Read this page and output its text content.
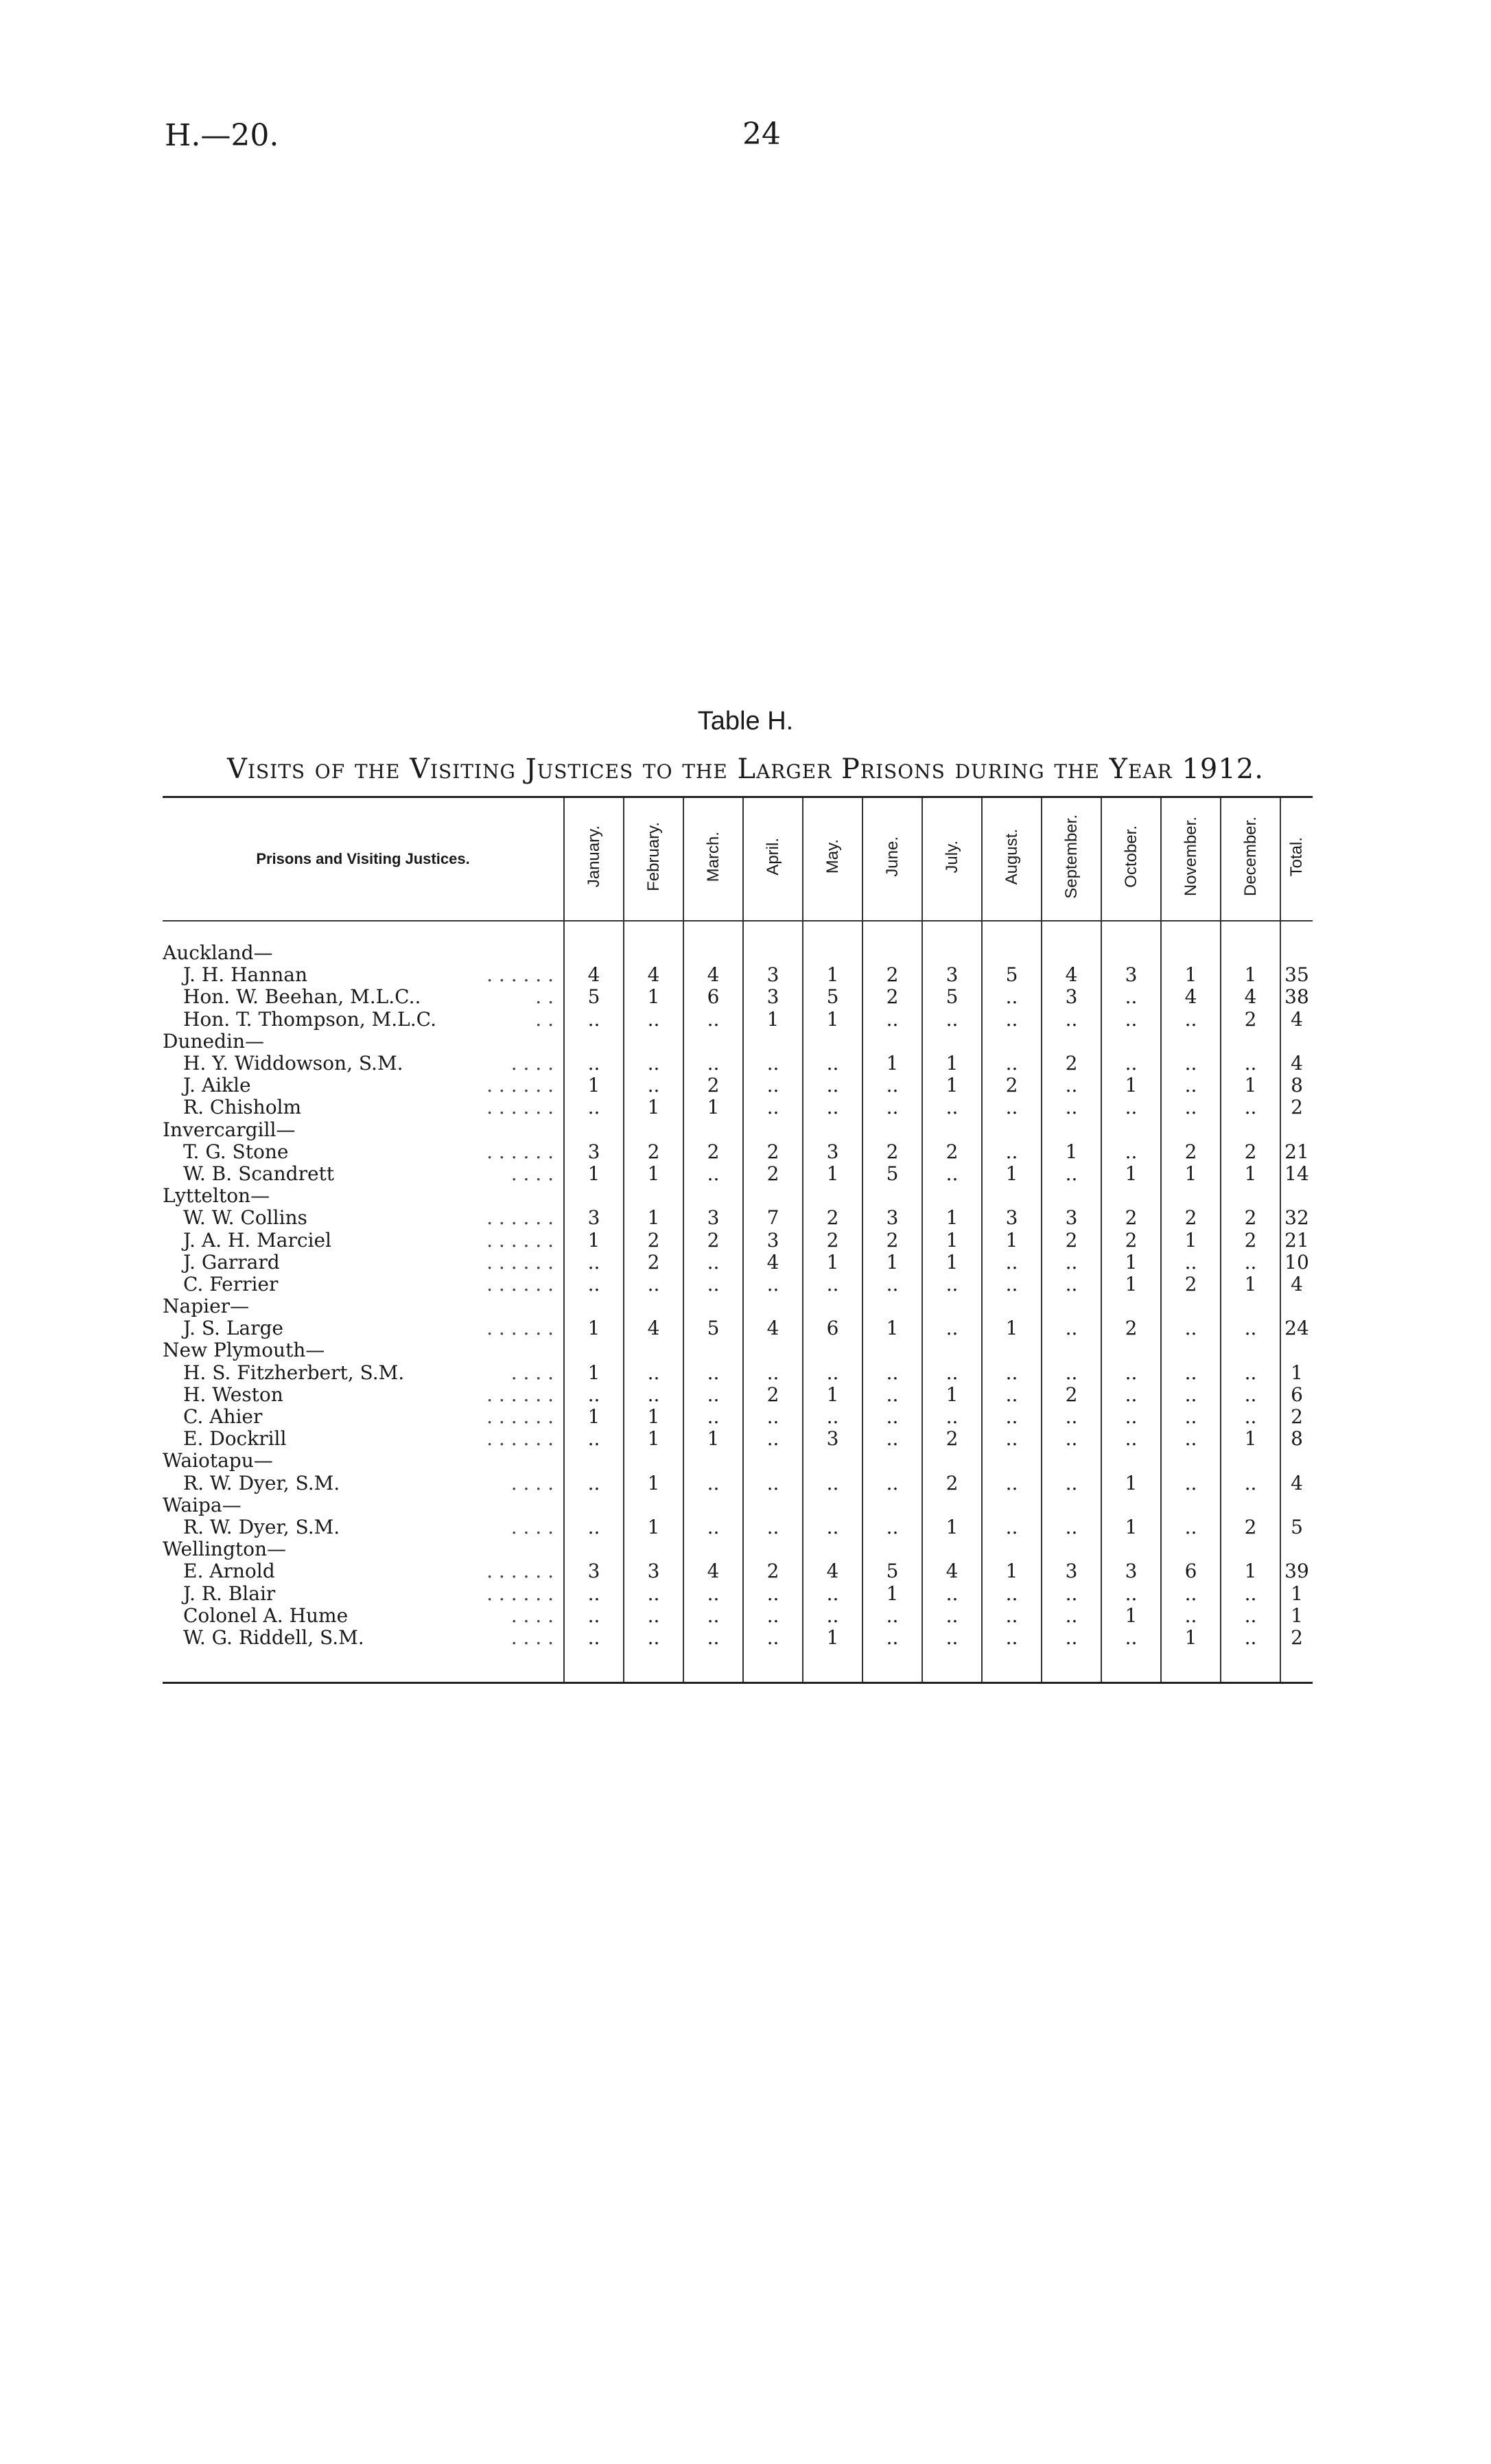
H.—20.	24
Table H.
Visits of the Visiting Justices to the Larger Prisons during the Year 1912.
Prisons and Visiting Justices.	January.	February.	March.	April.	May.	June.	July.	August.	September.	October.	November.	December.	Total.

Auckland—													

J. H. Hannan . . . . . .	4	4	4	3	1	2	3	5	4	3	1	1	35

Hon. W. Beehan, M.L.C.. . .	5	1	6	3	5	2	5	..	3	..	4	4	38

Hon. T. Thompson, M.L.C. . .	..	..	..	1	1	..	..	..	..	..	..	2	4
Dunedin—													

H. Y. Widdowson, S.M. . . . .	..	..	..	..	..	1	1	..	2	..	..	..	4

J. Aikle . . . . . .	1	..	2	..	..	..	1	2	..	1	..	1	8

R. Chisholm . . . . . .	..	1	1	..	..	..	..	..	..	..	..	..	2
Invercargill—													

T. G. Stone . . . . . .	3	2	2	2	3	2	2	..	1	..	2	2	21

W. B. Scandrett . . . .	1	1	..	2	1	5	..	1	..	1	1	1	14
Lyttelton—													

W. W. Collins . . . . . .	3	1	3	7	2	3	1	3	3	2	2	2	32

J. A. H. Marciel . . . . . .	1	2	2	3	2	2	1	1	2	2	1	2	21

J. Garrard . . . . . .	..	2	..	4	1	1	1	..	..	1	..	..	10

C. Ferrier . . . . . .	..	..	..	..	..	..	..	..	..	1	2	1	4
Napier—													

J. S. Large . . . . . .	1	4	5	4	6	1	..	1	..	2	..	..	24
New Plymouth—													

H. S. Fitzherbert, S.M. . . . .	1	..	..	..	..	..	..	..	..	..	..	..	1

H. Weston . . . . . .	..	..	..	2	1	..	1	..	2	..	..	..	6

C. Ahier . . . . . .	1	1	..	..	..	..	..	..	..	..	..	..	2

E. Dockrill . . . . . .	..	1	1	..	3	..	2	..	..	..	..	1	8
Waiotapu—													

R. W. Dyer, S.M. . . . .	..	1	..	..	..	..	2	..	..	1	..	..	4
Waipa—													

R. W. Dyer, S.M. . . . .	..	1	..	..	..	..	1	..	..	1	..	2	5
Wellington—													

E. Arnold . . . . . .	3	3	4	2	4	5	4	1	3	3	6	1	39

J. R. Blair . . . . . .	..	..	..	..	..	1	..	..	..	..	..	..	1

Colonel A. Hume . . . .	..	..	..	..	..	..	..	..	..	1	..	..	1

W. G. Riddell, S.M. . . . .	..	..	..	..	1	..	..	..	..	..	1	..	2
